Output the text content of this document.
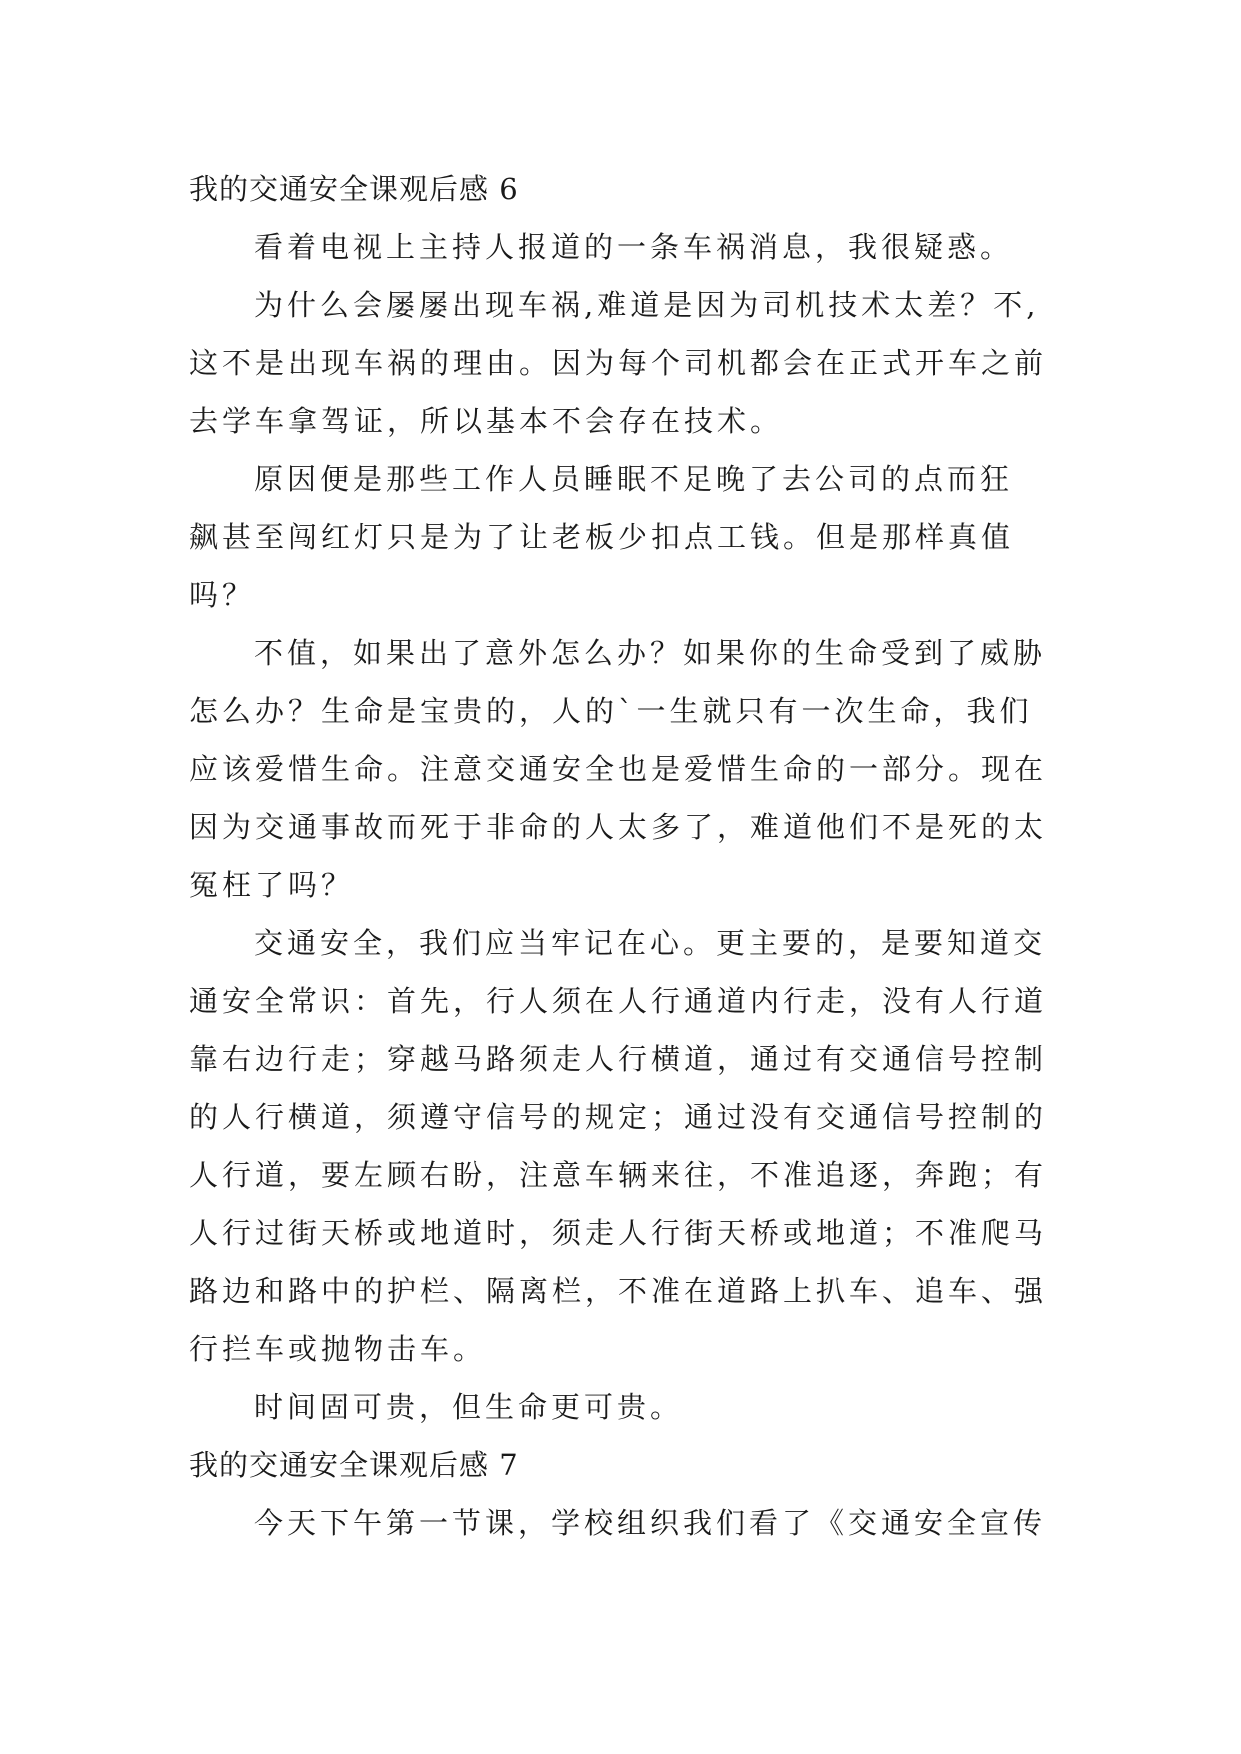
我的交通安全课观后感 6
看着电视上主持人报道的一条车祸消息，我很疑惑。
为什么会屡屡出现车祸,难道是因为司机技术太差？不,
这不是出现车祸的理由。因为每个司机都会在正式开车之前
去学车拿驾证，所以基本不会存在技术。
原因便是那些工作人员睡眠不足晚了去公司的点而狂
飙甚至闯红灯只是为了让老板少扣点工钱。但是那样真值
吗？
不值，如果出了意外怎么办？如果你的生命受到了威胁
怎么办？生命是宝贵的，人的`一生就只有一次生命，我们
应该爱惜生命。注意交通安全也是爱惜生命的一部分。现在
因为交通事故而死于非命的人太多了，难道他们不是死的太
冤枉了吗？
交通安全，我们应当牢记在心。更主要的，是要知道交
通安全常识：首先，行人须在人行通道内行走，没有人行道
靠右边行走；穿越马路须走人行横道，通过有交通信号控制
的人行横道，须遵守信号的规定；通过没有交通信号控制的
人行道，要左顾右盼，注意车辆来往，不准追逐，奔跑；有
人行过街天桥或地道时，须走人行街天桥或地道；不准爬马
路边和路中的护栏、隔离栏，不准在道路上扒车、追车、强
行拦车或抛物击车。
时间固可贵，但生命更可贵。
我的交通安全课观后感 7
今天下午第一节课，学校组织我们看了《交通安全宣传
